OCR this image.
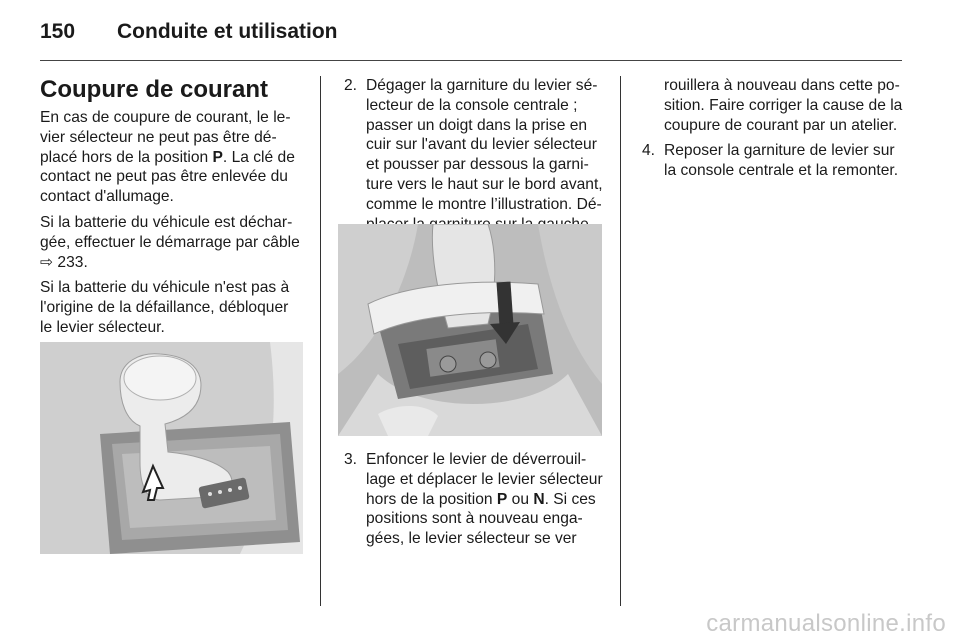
150 Conduite et utilisation
Coupure de courant

En cas de coupure de courant, le levier sélecteur ne peut pas être déplacé hors de la position P. La clé de contact ne peut pas être enlevée du contact d'allumage.

Si la batterie du véhicule est déchargée, effectuer le démarrage par câble ⇨ 233.

Si la batterie du véhicule n'est pas à l'origine de la défaillance, débloquer le levier sélecteur.

2. Dégager la garniture du levier sélecteur de la console centrale ; passer un doigt dans la prise en cuir sur l'avant du levier sélecteur et pousser par dessous la garniture vers le haut sur le bord avant, comme le montre l’illustration. Dé
3. Enfoncer le levier de déverrouillage et déplacer le levier sélecteur hors de la position P ou N. Si ces positions sont à nouveau engagées, le levier sélecteur se ver

rouillera à nouveau dans cette position. Faire corriger la cause de la coupure de courant par un atelier.

4. Reposer la garniture de levier sur la console centrale et la remonter.
carmanualsonline.info
